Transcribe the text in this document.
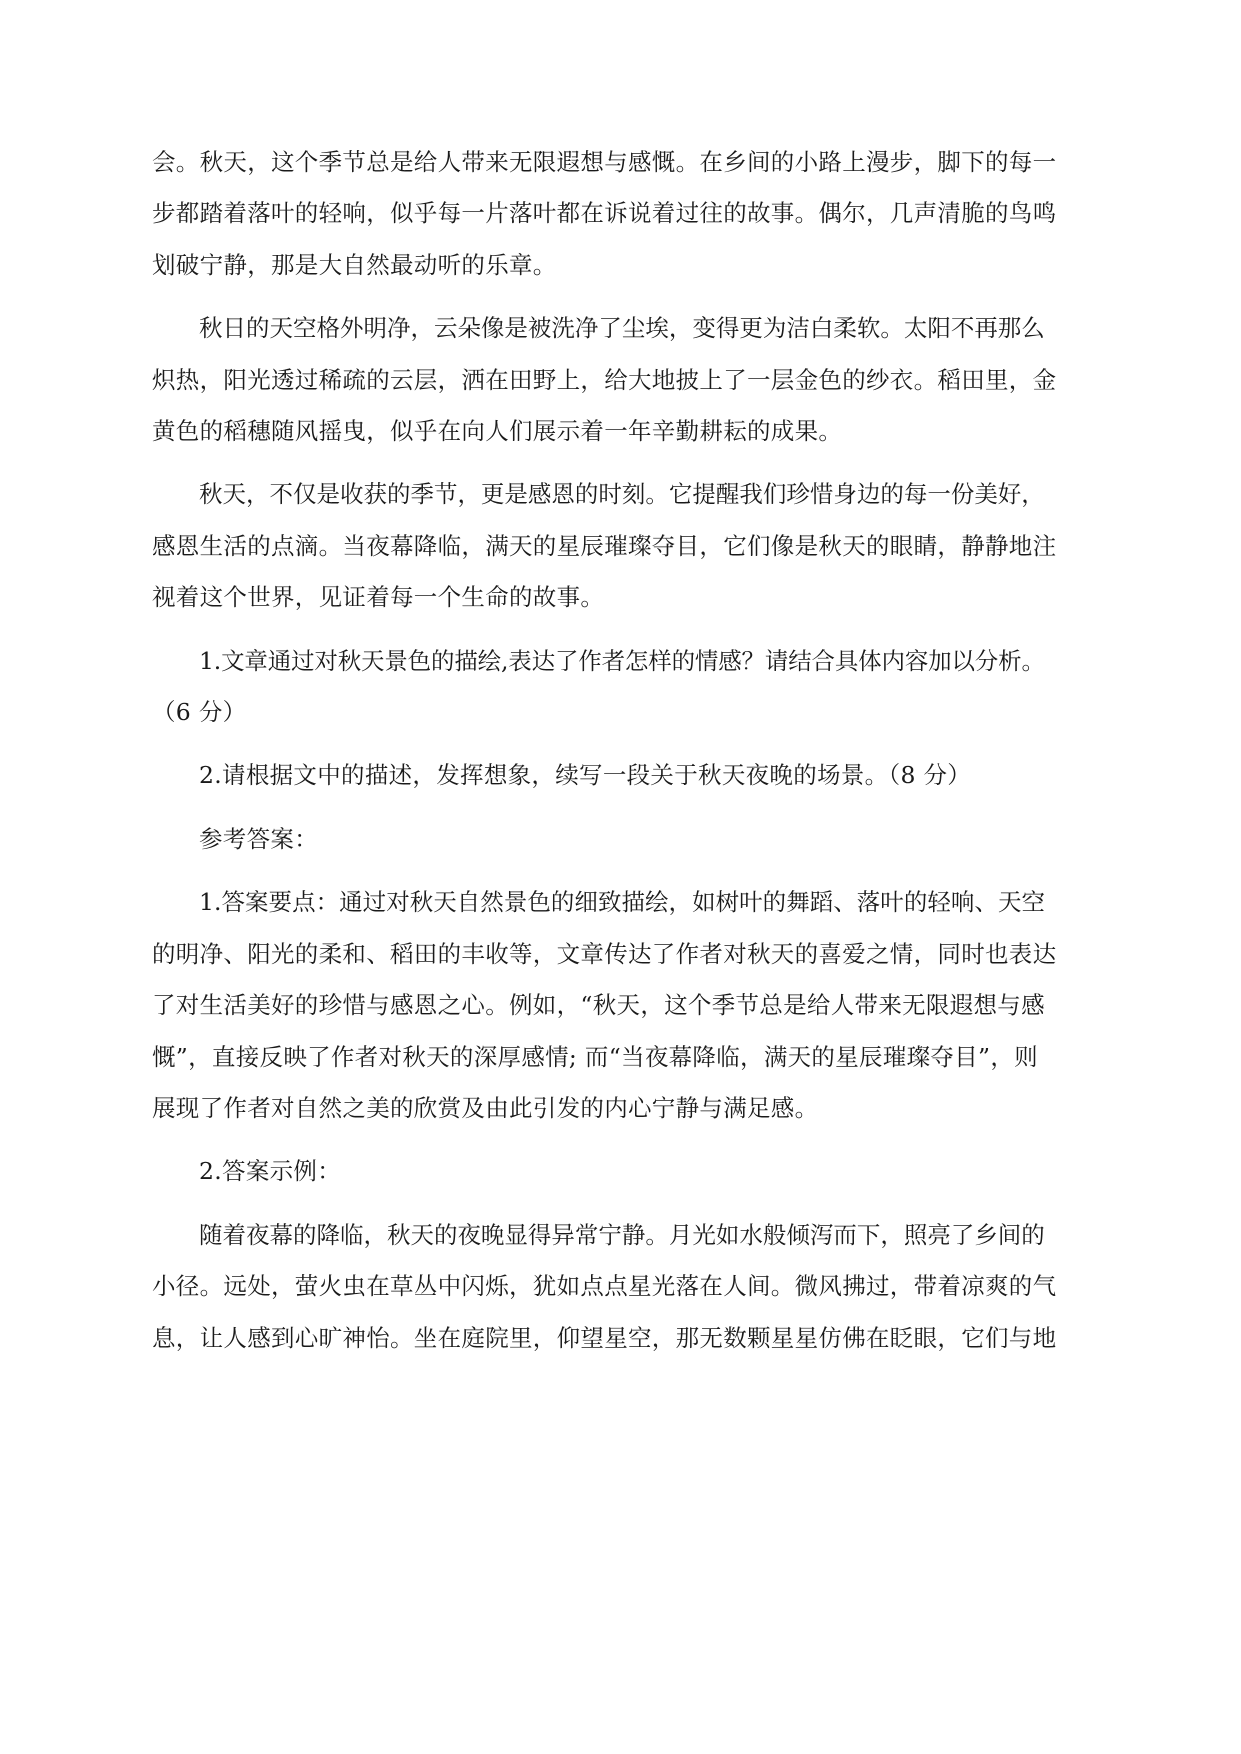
会。秋天，这个季节总是给人带来无限遐想与感慨。在乡间的小路上漫步，脚下的每一
步都踏着落叶的轻响，似乎每一片落叶都在诉说着过往的故事。偶尔，几声清脆的鸟鸣
划破宁静，那是大自然最动听的乐章。

秋日的天空格外明净，云朵像是被洗净了尘埃，变得更为洁白柔软。太阳不再那么
炽热，阳光透过稀疏的云层，洒在田野上，给大地披上了一层金色的纱衣。稻田里，金
黄色的稻穗随风摇曳，似乎在向人们展示着一年辛勤耕耘的成果。

秋天，不仅是收获的季节，更是感恩的时刻。它提醒我们珍惜身边的每一份美好，
感恩生活的点滴。当夜幕降临，满天的星辰璀璨夺目，它们像是秋天的眼睛，静静地注
视着这个世界，见证着每一个生命的故事。

1.文章通过对秋天景色的描绘,表达了作者怎样的情感？请结合具体内容加以分析。
（6 分）

2.请根据文中的描述，发挥想象，续写一段关于秋天夜晚的场景。（8 分）

参考答案：

1.答案要点：通过对秋天自然景色的细致描绘，如树叶的舞蹈、落叶的轻响、天空
的明净、阳光的柔和、稻田的丰收等，文章传达了作者对秋天的喜爱之情，同时也表达
了对生活美好的珍惜与感恩之心。例如，“秋天，这个季节总是给人带来无限遐想与感
慨”，直接反映了作者对秋天的深厚感情; 而“当夜幕降临，满天的星辰璀璨夺目”，则
展现了作者对自然之美的欣赏及由此引发的内心宁静与满足感。

2.答案示例：

随着夜幕的降临，秋天的夜晚显得异常宁静。月光如水般倾泻而下，照亮了乡间的
小径。远处，萤火虫在草丛中闪烁，犹如点点星光落在人间。微风拂过，带着凉爽的气
息，让人感到心旷神怡。坐在庭院里，仰望星空，那无数颗星星仿佛在眨眼，它们与地
